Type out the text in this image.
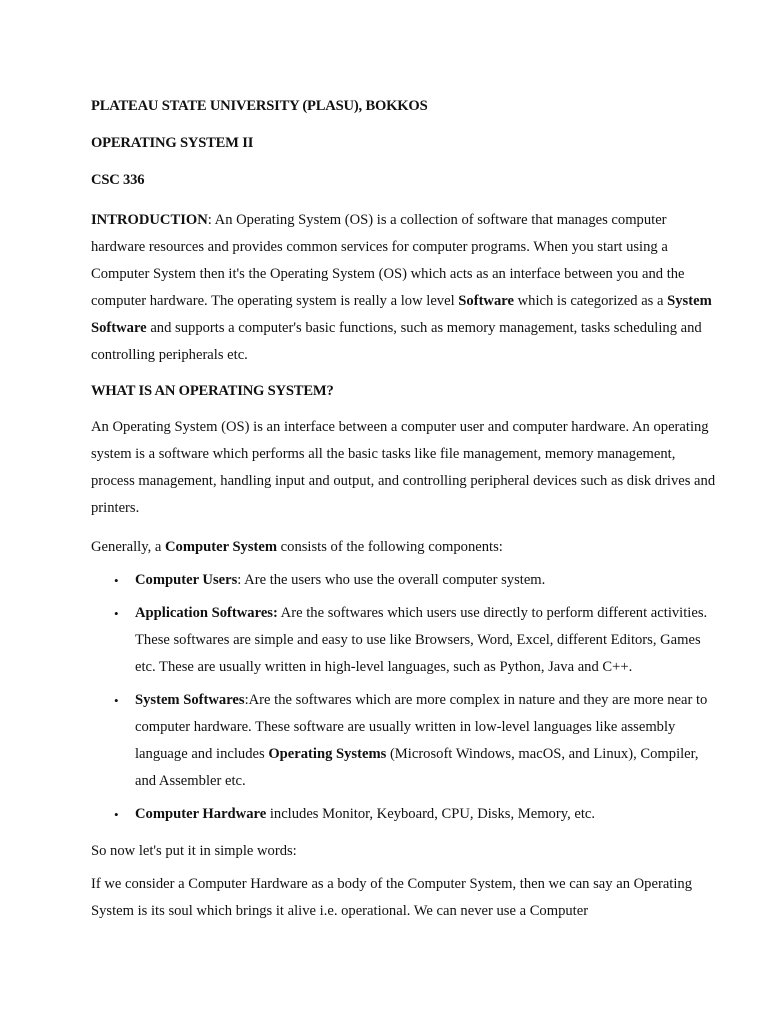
PLATEAU STATE UNIVERSITY (PLASU), BOKKOS
OPERATING SYSTEM II
CSC 336

INTRODUCTION: An Operating System (OS) is a collection of software that manages computer hardware resources and provides common services for computer programs. When you start using a Computer System then it's the Operating System (OS) which acts as an interface between you and the computer hardware. The operating system is really a low level Software which is categorized as a System Software and supports a computer's basic functions, such as memory management, tasks scheduling and controlling peripherals etc.

WHAT IS AN OPERATING SYSTEM?

An Operating System (OS) is an interface between a computer user and computer hardware. An operating system is a software which performs all the basic tasks like file management, memory management, process management, handling input and output, and controlling peripheral devices such as disk drives and printers.

Generally, a Computer System consists of the following components:

• Computer Users: Are the users who use the overall computer system.
• Application Softwares: Are the softwares which users use directly to perform different activities. These softwares are simple and easy to use like Browsers, Word, Excel, different Editors, Games etc. These are usually written in high-level languages, such as Python, Java and C++.
• System Softwares:Are the softwares which are more complex in nature and they are more near to computer hardware. These software are usually written in low-level languages like assembly language and includes Operating Systems (Microsoft Windows, macOS, and Linux), Compiler, and Assembler etc.
• Computer Hardware includes Monitor, Keyboard, CPU, Disks, Memory, etc.

So now let's put it in simple words:

If we consider a Computer Hardware as a body of the Computer System, then we can say an Operating System is its soul which brings it alive i.e. operational. We can never use a Computer
